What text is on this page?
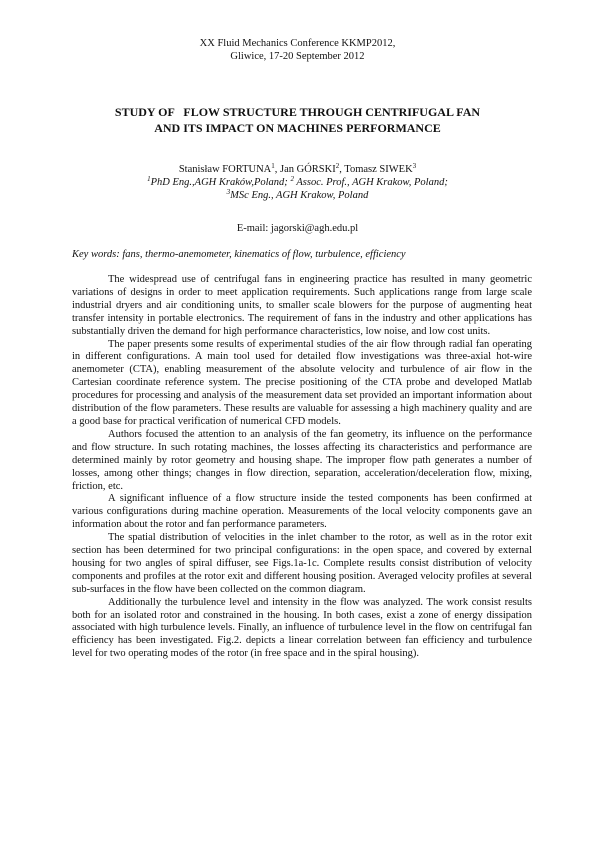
XX Fluid Mechanics Conference KKMP2012,
Gliwice, 17-20 September 2012
STUDY OF   FLOW STRUCTURE THROUGH CENTRIFUGAL FAN
AND ITS IMPACT ON MACHINES PERFORMANCE
Stanisław FORTUNA$^1$, Jan GÓRSKI$^2$, Tomasz SIWEK$^3$
$^1$PhD Eng.,AGH Kraków,Poland; $^2$ Assoc. Prof., AGH Krakow, Poland;
$^3$MSc Eng., AGH Krakow, Poland
E-mail: jagorski@agh.edu.pl
Key words: fans, thermo-anemometer, kinematics of flow, turbulence, efficiency

The widespread use of centrifugal fans in engineering practice has resulted in many geometric variations of designs in order to meet application requirements. Such applications range from large scale industrial dryers and air conditioning units, to smaller scale blowers for the purpose of augmenting heat transfer intensity in portable electronics. The requirement of fans in the industry and other applications has substantially driven the demand for high performance characteristics, low noise, and low cost units.

The paper presents some results of experimental studies of the air flow through radial fan operating in different configurations. A main tool used for detailed flow investigations was three-axial hot-wire anemometer (CTA), enabling measurement of the absolute velocity and turbulence of air flow in the Cartesian coordinate reference system. The precise positioning of the CTA probe and developed Matlab procedures for processing and analysis of the measurement data set provided an important information about distribution of the flow parameters. These results are valuable for assessing a high machinery quality and are a good base for practical verification of numerical CFD models.

Authors focused the attention to an analysis of the fan geometry, its influence on the performance and flow structure. In such rotating machines, the losses affecting its characteristics and performance are determined mainly by rotor geometry and housing shape. The improper flow path generates a number of losses, among other things; changes in flow direction, separation, acceleration/deceleration flow, mixing, friction, etc.

A significant influence of a flow structure inside the tested components has been confirmed at various configurations during machine operation. Measurements of the local velocity components gave an information about the rotor and fan performance parameters.

The spatial distribution of velocities in the inlet chamber to the rotor, as well as in the rotor exit section has been determined for two principal configurations: in the open space, and covered by external housing for two angles of spiral diffuser, see Figs.1a-1c. Complete results consist distribution of velocity components and profiles at the rotor exit and different housing position. Averaged velocity profiles at several sub-surfaces in the flow have been collected on the common diagram.

Additionally the turbulence level and intensity in the flow was analyzed. The work consist results both for an isolated rotor and constrained in the housing. In both cases, exist a zone of energy dissipation associated with high turbulence levels. Finally, an influence of turbulence level in the flow on centrifugal fan efficiency has been investigated. Fig.2. depicts a linear correlation between fan efficiency and turbulence level for two operating modes of the rotor (in free space and in the spiral housing).
